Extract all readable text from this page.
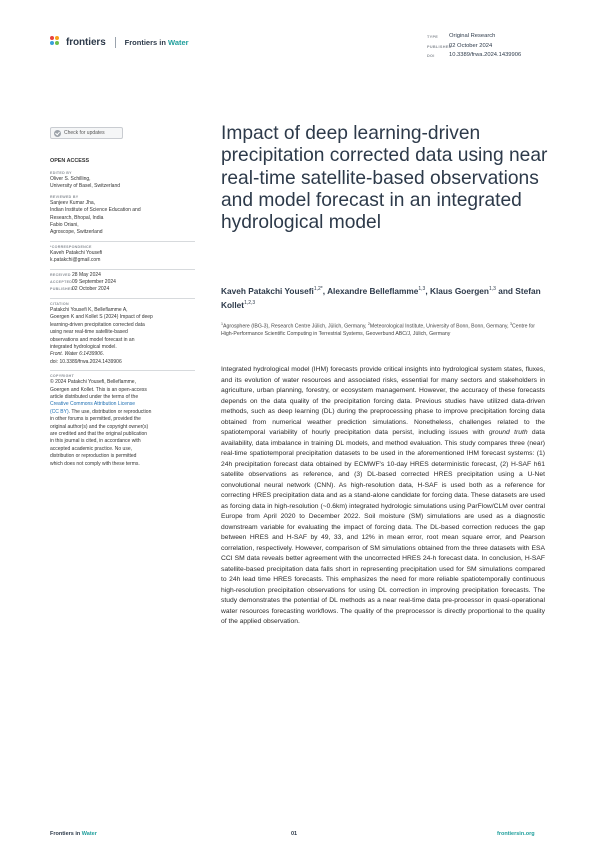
frontiers	Frontiers in Water
TYPE	Original Research
PUBLISHED
02 October 2024
DOI	10.3389/frwa.2024.1439906
Check for updates
OPEN ACCESS
EDITED BY
Oliver S. Schilling,
University of Basel, Switzerland
REVIEWED BY
Sanjeev Kumar Jha,
Indian Institute of Science Education and
Research, Bhopal, India
Fabio Oriani,
Agroscope, Switzerland
*CORRESPONDENCE
Kaveh Patakchi Yousefi
k.patakchi@gmail.com
RECEIVED 28 May 2024
ACCEPTED 09 September 2024
PUBLISHED
02 October 2024
CITATION
Patakchi Yousefi K, Belleflamme A,
Goergen K and Kollet S (2024) Impact of deep
learning-driven precipitation corrected data
using near real-time satellite-based
observations and model forecast in an
integrated hydrological model.
Front. Water 6:1439906.
doi: 10.3389/frwa.2024.1439906
COPYRIGHT
© 2024 Patakchi Yousefi, Belleflamme,
Goergen and Kollet. This is an open-access
article distributed under the terms of the
Creative Commons Attribution License
(CC BY). The use, distribution or reproduction
in other forums is permitted, provided the
original author(s) and the copyright owner(s)
are credited and that the original publication
in this journal is cited, in accordance with
accepted academic practice. No use,
distribution or reproduction is permitted
which does not comply with these terms.
Impact of deep learning-driven precipitation corrected data using near real-time satellite-based observations and model forecast in an integrated hydrological model
Kaveh Patakchi Yousefi$^{1,2*}$, Alexandre Belleflamme$^{1,3}$, Klaus Goergen$^{1,3}$ and Stefan Kollet$^{1,2,3}$
$^1$Agrosphere (IBG-3), Research Centre Jülich, Jülich, Germany, $^2$Meteorological Institute, University of Bonn, Bonn, Germany, $^3$Centre for High-Performance Scientific Computing in Terrestrial Systems, Geoverbund ABC/J, Jülich, Germany
Integrated hydrological model (IHM) forecasts provide critical insights into hydrological system states, fluxes, and its evolution of water resources and associated risks, essential for many sectors and stakeholders in agriculture, urban planning, forestry, or ecosystem management. However, the accuracy of these forecasts depends on the data quality of the precipitation forcing data. Previous studies have utilized data-driven methods, such as deep learning (DL) during the preprocessing phase to improve precipitation forcing data obtained from numerical weather prediction simulations. Nonetheless, challenges related to the spatiotemporal variability of hourly precipitation data persist, including issues with ground truth data availability, data imbalance in training DL models, and method evaluation. This study compares three (near) real-time spatiotemporal precipitation datasets to be used in the aforementioned IHM forecast systems: (1) 24h precipitation forecast data obtained by ECMWF's 10-day HRES deterministic forecast, (2) H-SAF h61 satellite observations as reference, and (3) DL-based corrected HRES precipitation using a U-Net convolutional neural network (CNN). As high-resolution data, H-SAF is used both as a reference for correcting HRES precipitation data and as a stand-alone candidate for forcing data. These datasets are used as forcing data in high-resolution (~0.6km) integrated hydrologic simulations using ParFlow/CLM over central Europe from April 2020 to December 2022. Soil moisture (SM) simulations are used as a diagnostic downstream variable for evaluating the impact of forcing data. The DL-based correction reduces the gap between HRES and H-SAF by 49, 33, and 12% in mean error, root mean square error, and Pearson correlation, respectively. However, comparison of SM simulations obtained from the three datasets with ESA CCI SM data reveals better agreement with the uncorrected HRES 24-h forecast data. In conclusion, H-SAF satellite-based precipitation data falls short in representing precipitation used for SM simulations compared to 24h lead time HRES forecasts. This emphasizes the need for more reliable spatiotemporally continuous high-resolution precipitation observations for using DL correction in improving precipitation forecasts. The study demonstrates the potential of DL methods as a near real-time data pre-processor in quasi-operational water resources forecasting workflows. The quality of the preprocessor is directly proportional to the quality of the applied observation.
Frontiers in Water	01	frontiersin.org
